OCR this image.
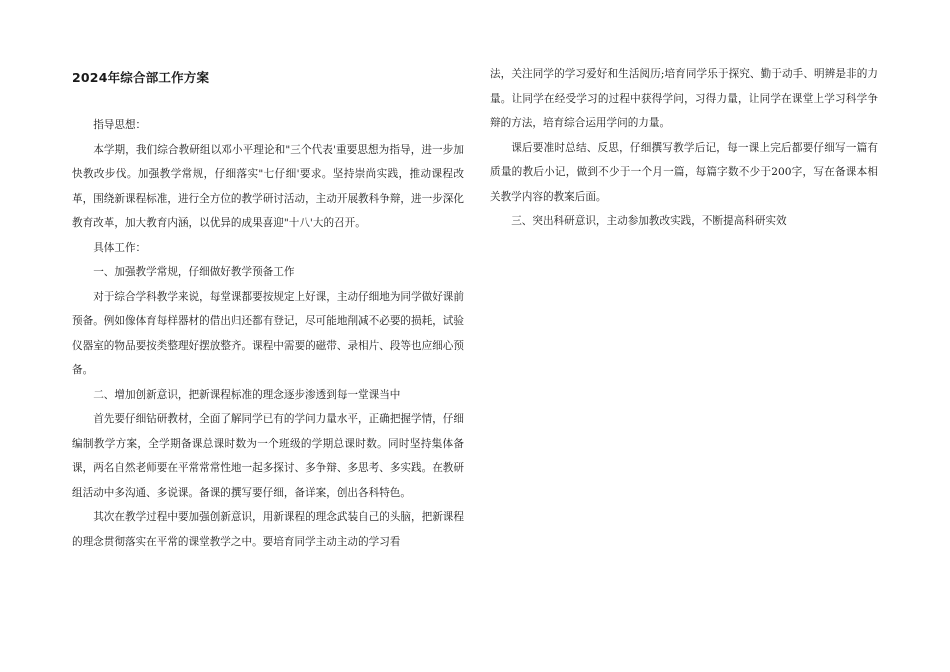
2024年综合部工作方案

指导思想：

本学期，我们综合教研组以邓小平理论和"三个代表'重要思想为指导，进一步加快教改步伐。加强教学常规，仔细落实"七仔细'要求。坚持崇尚实践，推动课程改革，围绕新课程标准，进行全方位的教学研讨活动，主动开展教科争辩，进一步深化教育改革，加大教育内涵，以优异的成果喜迎"十八'大的召开。

具体工作：

一、加强教学常规，仔细做好教学预备工作

对于综合学科教学来说，每堂课都要按规定上好课，主动仔细地为同学做好课前预备。例如像体育每样器材的借出归还都有登记，尽可能地削减不必要的损耗，试验仪器室的物品要按类整理好摆放整齐。课程中需要的磁带、录相片、段等也应细心预备。

二、增加创新意识，把新课程标准的理念逐步渗透到每一堂课当中

首先要仔细钻研教材，全面了解同学已有的学问力量水平，正确把握学情，仔细编制教学方案，全学期备课总课时数为一个班级的学期总课时数。同时坚持集体备课，两名自然老师要在平常常常性地一起多探讨、多争辩、多思考、多实践。在教研组活动中多沟通、多说课。备课的撰写要仔细，备详案，创出各科特色。

其次在教学过程中要加强创新意识，用新课程的理念武装自己的头脑，把新课程的理念贯彻落实在平常的课堂教学之中。要培育同学主动主动的学习看

法，关注同学的学习爱好和生活阅历;培育同学乐于探究、勤于动手、明辨是非的力量。让同学在经受学习的过程中获得学问，习得力量，让同学在课堂上学习科学争辩的方法，培育综合运用学问的力量。

课后要准时总结、反思，仔细撰写教学后记，每一课上完后都要仔细写一篇有质量的教后小记，做到不少于一个月一篇，每篇字数不少于200字，写在备课本相关教学内容的教案后面。

三、突出科研意识，主动参加教改实践，不断提高科研实效
